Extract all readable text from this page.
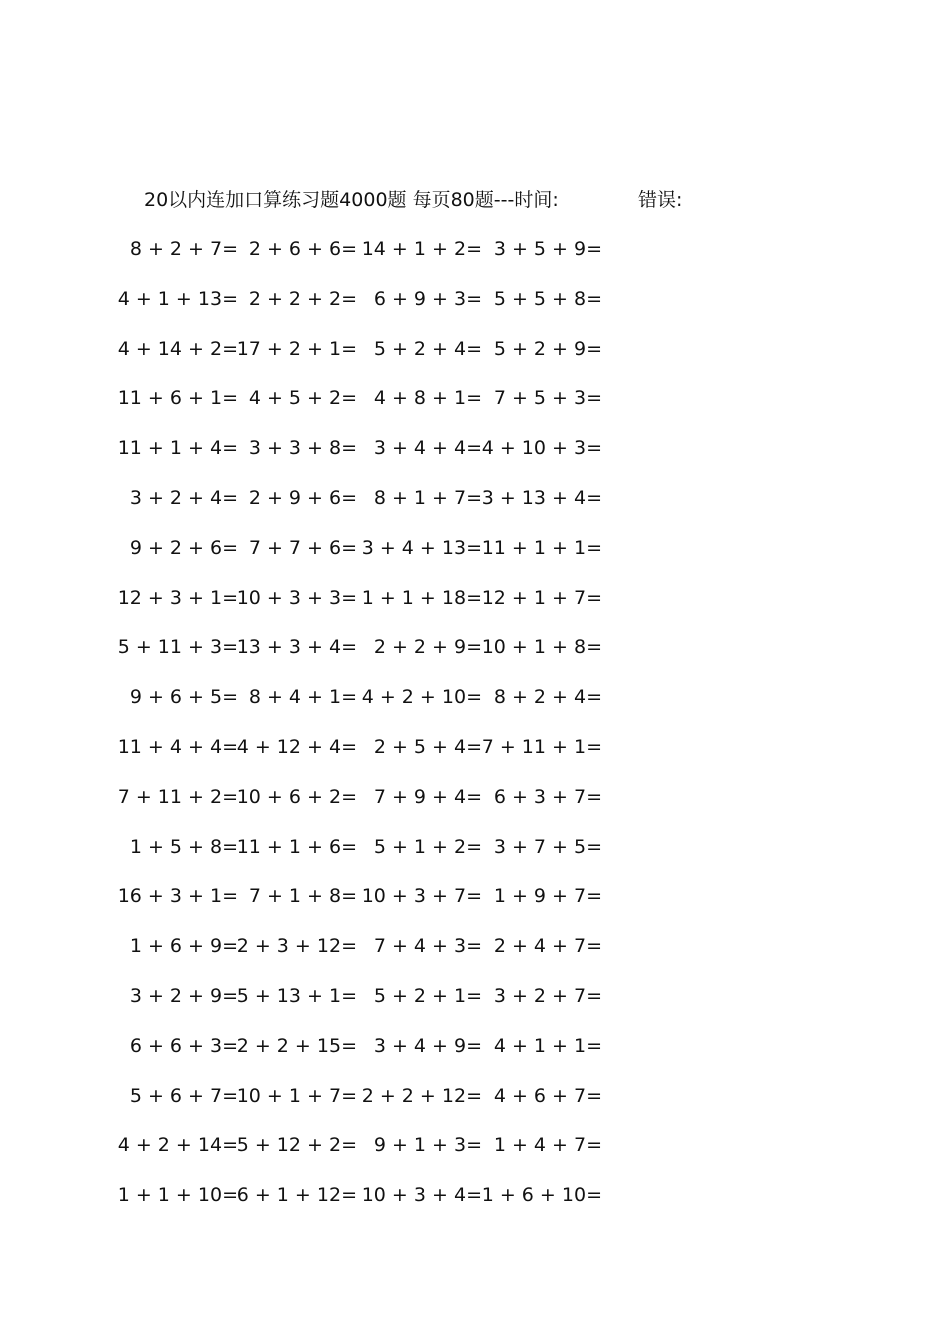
20以内连加口算练习题4000题 每页80题---时间:	错误:
8 + 2 + 7= 2 + 6 + 6= 14 + 1 + 2= 3 + 5 + 9=
4 + 1 + 13= 2 + 2 + 2= 6 + 9 + 3= 5 + 5 + 8=
4 + 14 + 2=
17 + 2 + 1= 5 + 2 + 4= 5 + 2 + 9=
11 + 6 + 1= 4 + 5 + 2= 4 + 8 + 1= 7 + 5 + 3=
11 + 1 + 4= 3 + 3 + 8= 3 + 4 + 4= 4 + 10 + 3=
3 + 2 + 4= 2 + 9 + 6= 8 + 1 + 7= 3 + 13 + 4=
9 + 2 + 6= 7 + 7 + 6= 3 + 4 + 13= 11 + 1 + 1=
12 + 3 + 1=
10 + 3 + 3= 1 + 1 + 18= 12 + 1 + 7=
5 + 11 + 3=
13 + 3 + 4= 2 + 2 + 9= 10 + 1 + 8=
9 + 6 + 5= 8 + 4 + 1= 4 + 2 + 10= 8 + 2 + 4=
11 + 4 + 4=
4 + 12 + 4= 2 + 5 + 4= 7 + 11 + 1=
7 + 11 + 2=
10 + 6 + 2= 7 + 9 + 4= 6 + 3 + 7=
1 + 5 + 8=
11 + 1 + 6= 5 + 1 + 2= 3 + 7 + 5=
16 + 3 + 1= 7 + 1 + 8= 10 + 3 + 7= 1 + 9 + 7=
1 + 6 + 9=
2 + 3 + 12= 7 + 4 + 3= 2 + 4 + 7=
3 + 2 + 9=
5 + 13 + 1= 5 + 2 + 1= 3 + 2 + 7=
6 + 6 + 3=
2 + 2 + 15= 3 + 4 + 9= 4 + 1 + 1=
5 + 6 + 7=
10 + 1 + 7= 2 + 2 + 12= 4 + 6 + 7=
4 + 2 + 14=
5 + 12 + 2= 9 + 1 + 3= 1 + 4 + 7=
1 + 1 + 10=
6 + 1 + 12= 10 + 3 + 4= 1 + 6 + 10=
